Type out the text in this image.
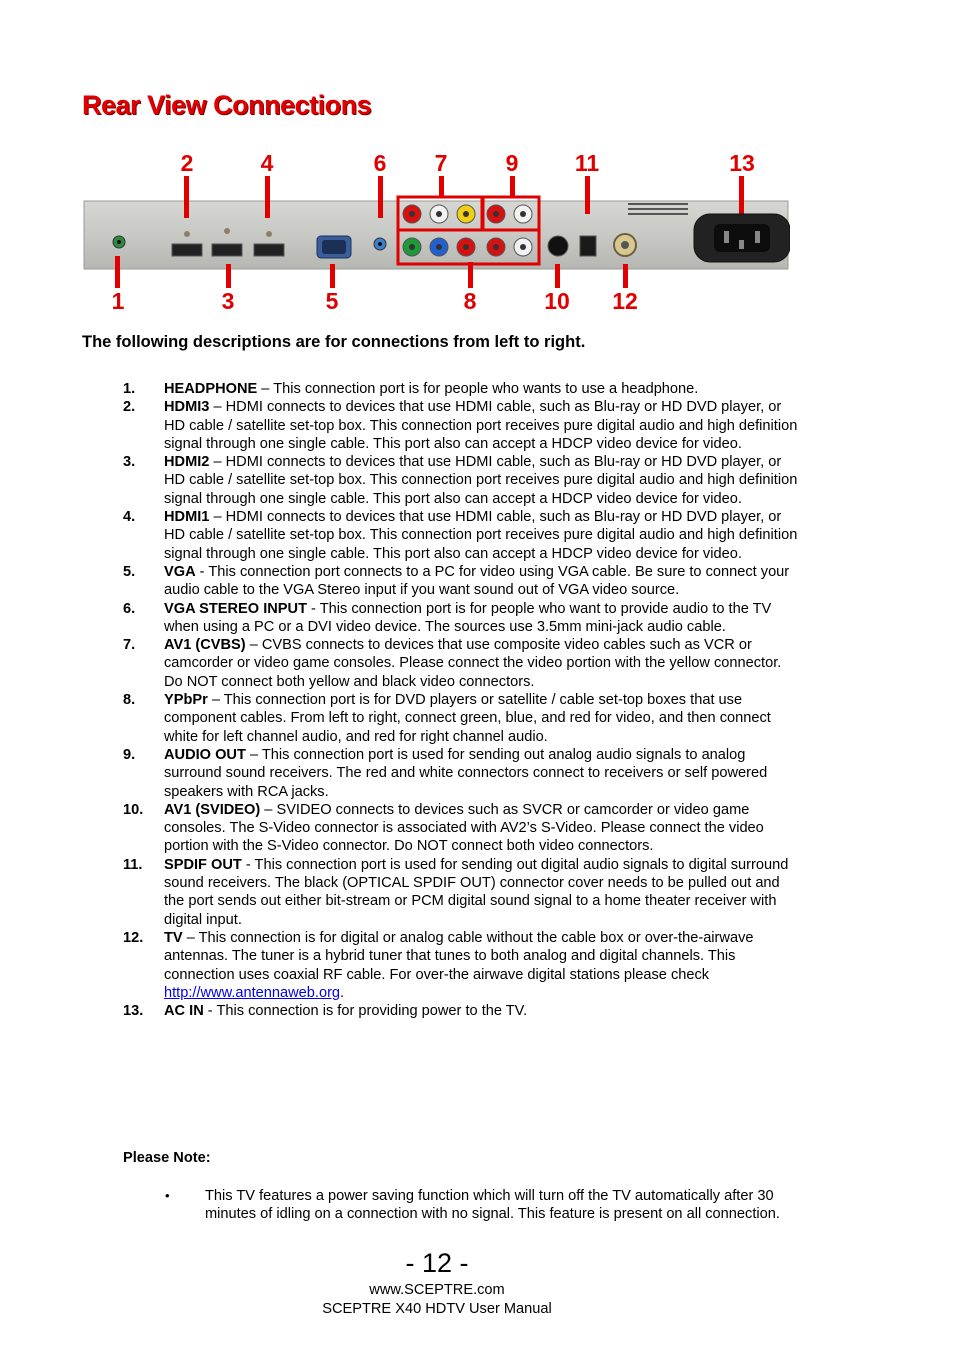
Rear View Connections
2	4	6	7	9	11	13
1	3	5	8	10	12
The following descriptions are for connections from left to right.
1. HEADPHONE – This connection port is for people who wants to use a headphone.
2. HDMI3 – HDMI connects to devices that use HDMI cable, such as Blu-ray or HD DVD player, or HD cable / satellite set-top box. This connection port receives pure digital audio and high definition signal through one single cable. This port also can accept a HDCP video device for video.
3. HDMI2 – HDMI connects to devices that use HDMI cable, such as Blu-ray or HD DVD player, or HD cable / satellite set-top box. This connection port receives pure digital audio and high definition signal through one single cable. This port also can accept a HDCP video device for video.
4. HDMI1 – HDMI connects to devices that use HDMI cable, such as Blu-ray or HD DVD player, or HD cable / satellite set-top box. This connection port receives pure digital audio and high definition signal through one single cable. This port also can accept a HDCP video device for video.
5. VGA - This connection port connects to a PC for video using VGA cable. Be sure to connect your audio cable to the VGA Stereo input if you want sound out of VGA video source.
6. VGA STEREO INPUT - This connection port is for people who want to provide audio to the TV when using a PC or a DVI video device. The sources use 3.5mm mini-jack audio cable.
7. AV1 (CVBS) – CVBS connects to devices that use composite video cables such as VCR or camcorder or video game consoles. Please connect the video portion with the yellow connector. Do NOT connect both yellow and black video connectors.
8. YPbPr – This connection port is for DVD players or satellite / cable set-top boxes that use component cables. From left to right, connect green, blue, and red for video, and then connect white for left channel audio, and red for right channel audio.
9. AUDIO OUT – This connection port is used for sending out analog audio signals to analog surround sound receivers. The red and white connectors connect to receivers or self powered speakers with RCA jacks.
10. AV1 (SVIDEO) – SVIDEO connects to devices such as SVCR or camcorder or video game consoles. The S-Video connector is associated with AV2’s S-Video. Please connect the video portion with the S-Video connector. Do NOT connect both video connectors.
11. SPDIF OUT - This connection port is used for sending out digital audio signals to digital surround sound receivers. The black (OPTICAL SPDIF OUT) connector cover needs to be pulled out and the port sends out either bit-stream or PCM digital sound signal to a home theater receiver with digital input.
12. TV – This connection is for digital or analog cable without the cable box or over-the-airwave antennas. The tuner is a hybrid tuner that tunes to both analog and digital channels. This connection uses coaxial RF cable. For over-the airwave digital stations please check http://www.antennaweb.org.
13. AC IN - This connection is for providing power to the TV.
Please Note:
• This TV features a power saving function which will turn off the TV automatically after 30 minutes of idling on a connection with no signal. This feature is present on all connection.
- 12 -
www.SCEPTRE.com
SCEPTRE X40 HDTV User Manual
